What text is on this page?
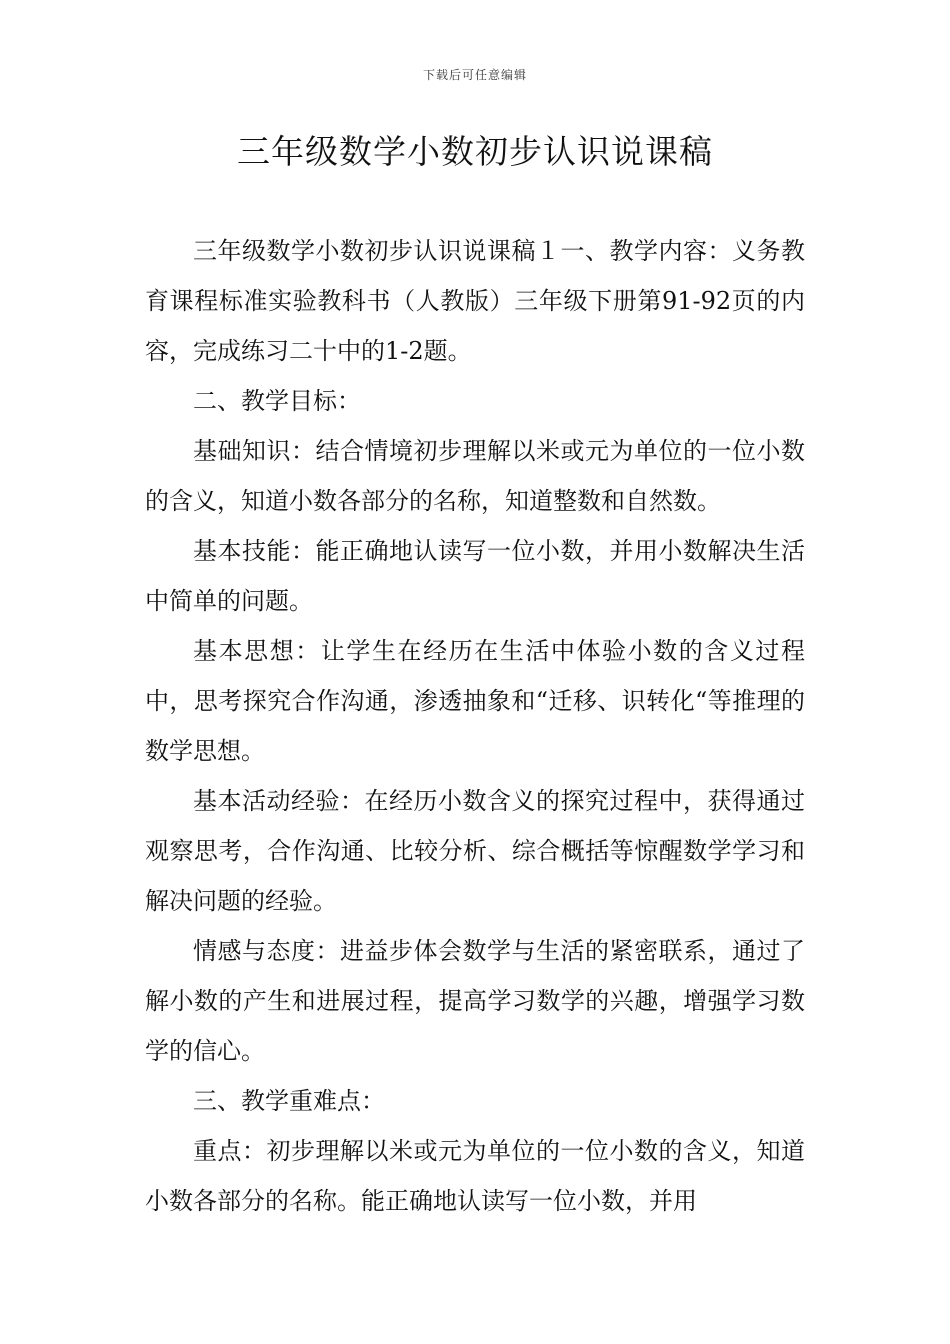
下载后可任意编辑
三年级数学小数初步认识说课稿

三年级数学小数初步认识说课稿１一、教学内容：义务教育课程标准实验教科书（人教版）三年级下册第91-92页的内容，完成练习二十中的1-2题。

二、教学目标：

基础知识：结合情境初步理解以米或元为单位的一位小数的含义，知道小数各部分的名称，知道整数和自然数。

基本技能：能正确地认读写一位小数，并用小数解决生活中简单的问题。

基本思想：让学生在经历在生活中体验小数的含义过程中，思考探究合作沟通，渗透抽象和“迁移、识转化“等推理的数学思想。

基本活动经验：在经历小数含义的探究过程中，获得通过观察思考，合作沟通、比较分析、综合概括等惊醒数学学习和解决问题的经验。

情感与态度：进益步体会数学与生活的紧密联系，通过了解小数的产生和进展过程，提高学习数学的兴趣，增强学习数学的信心。

三、教学重难点：

重点：初步理解以米或元为单位的一位小数的含义，知道小数各部分的名称。能正确地认读写一位小数，并用
